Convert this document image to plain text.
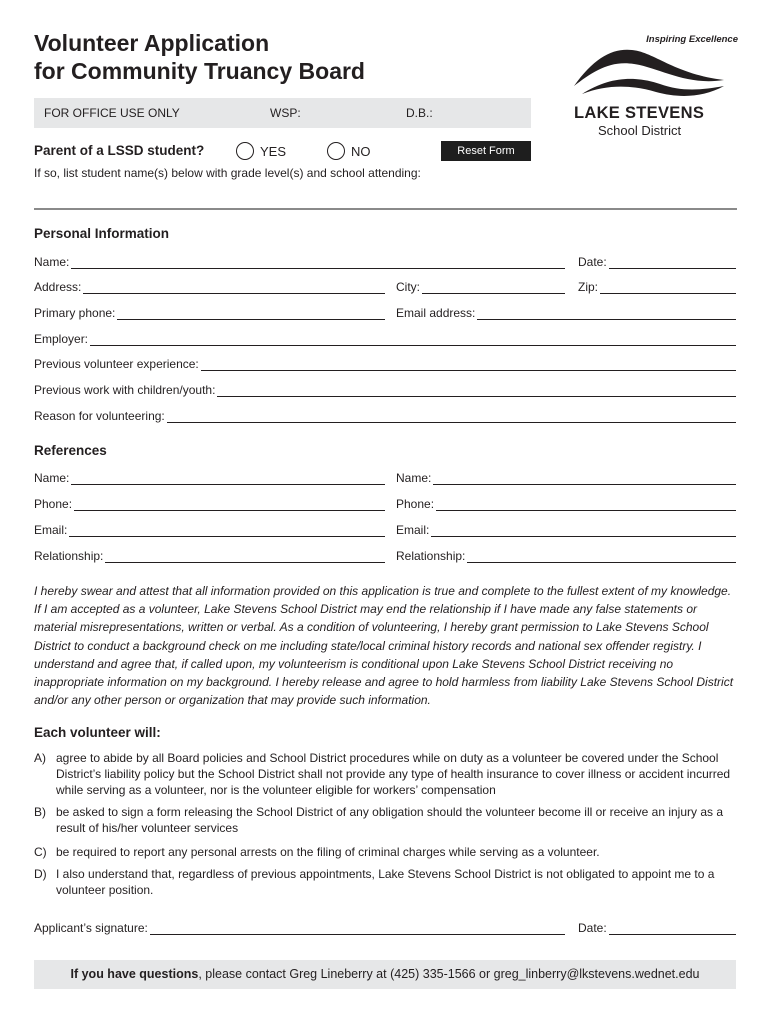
Volunteer Application
for Community Truancy Board
Inspiring Excellence
LAKE STEVENS
School District
FOR OFFICE USE ONLY	WSP:	D.B.:
Parent of a LSSD student?	YES	NO	Reset Form
If so, list student name(s) below with grade level(s) and school attending:
Personal Information
Name:	Date:
Address:	City:	Zip:
Primary phone:	Email address:
Employer:
Previous volunteer experience:
Previous work with children/youth:
Reason for volunteering:
References
Name:	Name:
Phone:	Phone:
Email:	Email:
Relationship:	Relationship:
I hereby swear and attest that all information provided on this application is true and complete to the fullest extent of my knowledge. If I am accepted as a volunteer, Lake Stevens School District may end the relationship if I have made any false statements or material misrepresentations, written or verbal. As a condition of volunteering, I hereby grant permission to Lake Stevens School District to conduct a background check on me including state/local criminal history records and national sex offender registry. I understand and agree that, if called upon, my volunteerism is conditional upon Lake Stevens School District receiving no inappropriate information on my background. I hereby release and agree to hold harmless from liability Lake Stevens School District and/or any other person or organization that may provide such information.
Each volunteer will:
A) agree to abide by all Board policies and School District procedures while on duty as a volunteer be covered under the School District’s liability policy but the School District shall not provide any type of health insurance to cover illness or accident incurred while serving as a volunteer, nor is the volunteer eligible for workers’ compensation
B) be asked to sign a form releasing the School District of any obligation should the volunteer become ill or receive an injury as a result of his/her volunteer services
C) be required to report any personal arrests on the filing of criminal charges while serving as a volunteer.
D) I also understand that, regardless of previous appointments, Lake Stevens School District is not obligated to appoint me to a volunteer position.
Applicant’s signature:	Date:
If you have questions, please contact Greg Lineberry at (425) 335-1566 or greg_linberry@lkstevens.wednet.edu
